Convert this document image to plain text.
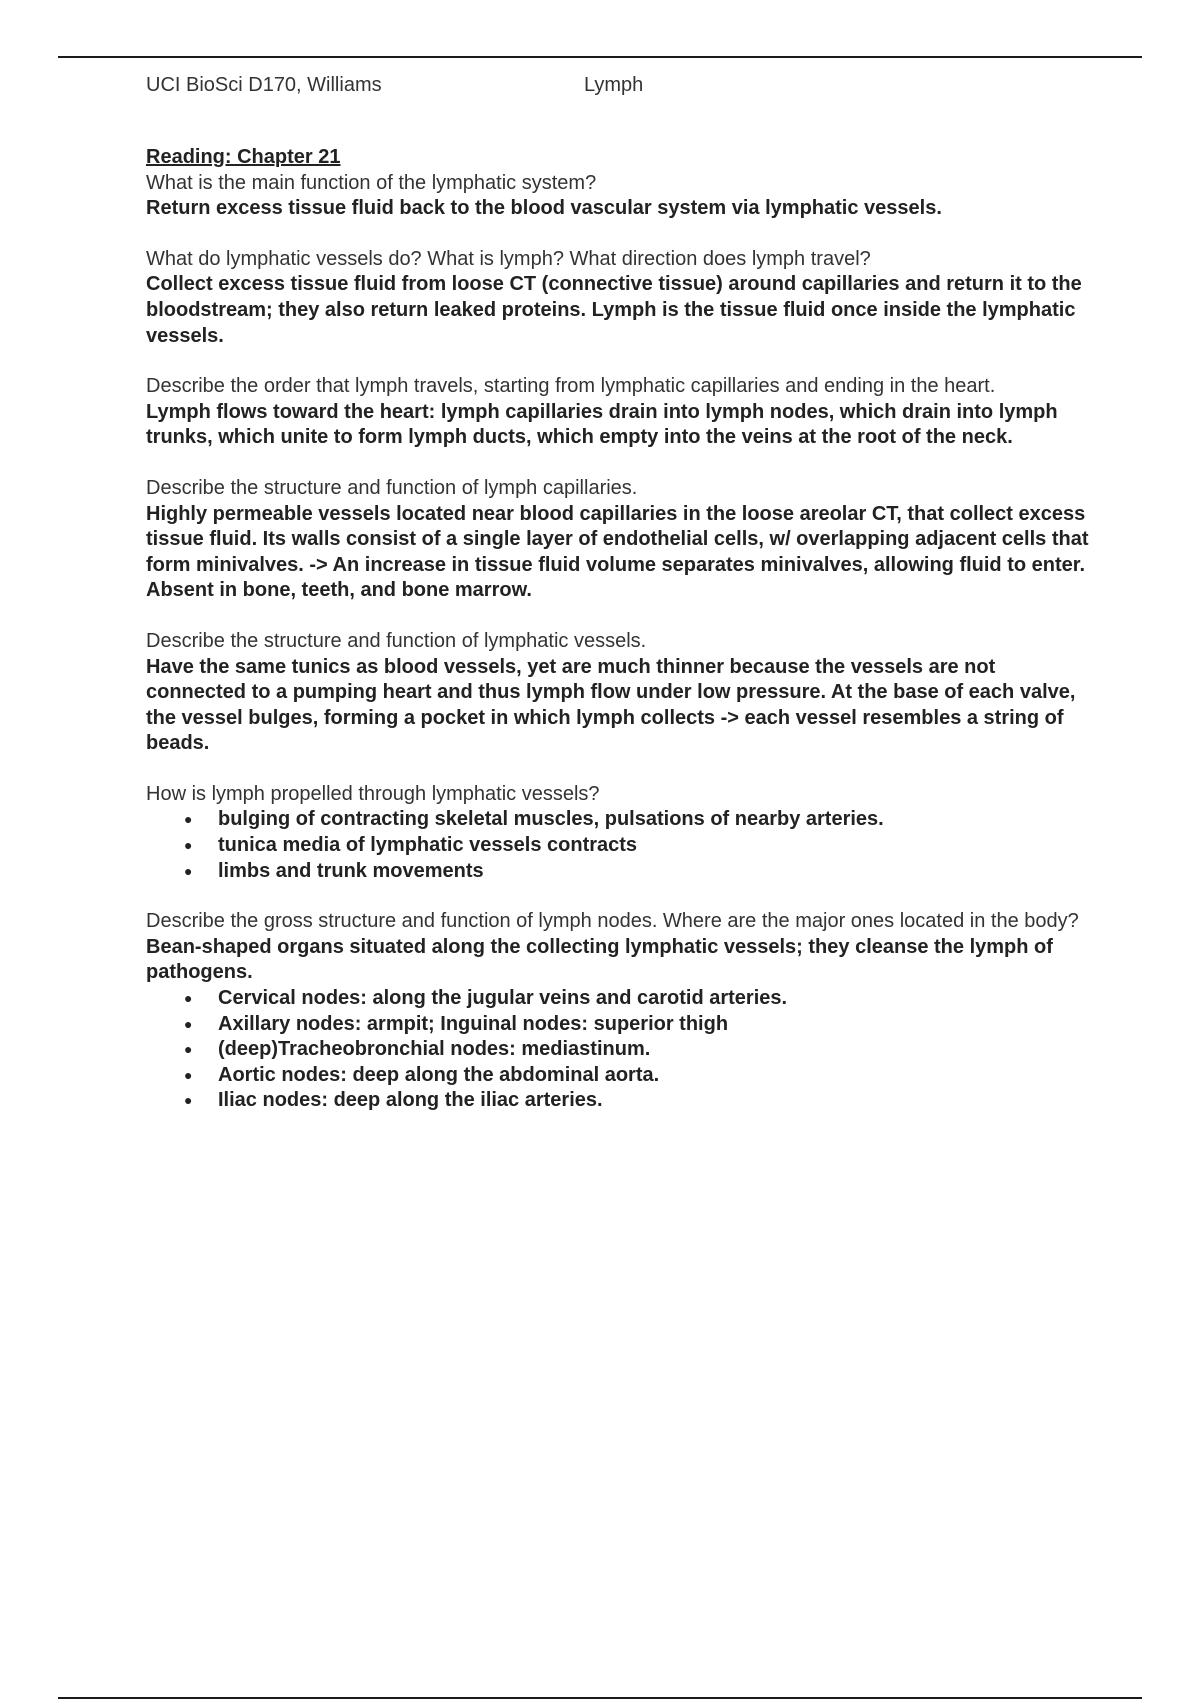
UCI BioSci D170, Williams	Lymph

Reading: Chapter 21

What is the main function of the lymphatic system?

Return excess tissue fluid back to the blood vascular system via lymphatic vessels.

What do lymphatic vessels do? What is lymph? What direction does lymph travel?

Collect excess tissue fluid from loose CT (connective tissue) around capillaries and return it to the bloodstream; they also return leaked proteins. Lymph is the tissue fluid once inside the lymphatic vessels.

Describe the order that lymph travels, starting from lymphatic capillaries and ending in the heart.

Lymph flows toward the heart: lymph capillaries drain into lymph nodes, which drain into lymph trunks, which unite to form lymph ducts, which empty into the veins at the root of the neck.

Describe the structure and function of lymph capillaries.

Highly permeable vessels located near blood capillaries in the loose areolar CT, that collect excess tissue fluid. Its walls consist of a single layer of endothelial cells, w/ overlapping adjacent cells that form minivalves. -> An increase in tissue fluid volume separates minivalves, allowing fluid to enter. Absent in bone, teeth, and bone marrow.

Describe the structure and function of lymphatic vessels.

Have the same tunics as blood vessels, yet are much thinner because the vessels are not connected to a pumping heart and thus lymph flow under low pressure. At the base of each valve, the vessel bulges, forming a pocket in which lymph collects -> each vessel resembles a string of beads.

How is lymph propelled through lymphatic vessels?

● bulging of contracting skeletal muscles, pulsations of nearby arteries.
● tunica media of lymphatic vessels contracts
● limbs and trunk movements

Describe the gross structure and function of lymph nodes. Where are the major ones located in the body?

Bean-shaped organs situated along the collecting lymphatic vessels; they cleanse the lymph of pathogens.

● Cervical nodes: along the jugular veins and carotid arteries.
● Axillary nodes: armpit; Inguinal nodes: superior thigh
● (deep)Tracheobronchial nodes: mediastinum.
● Aortic nodes: deep along the abdominal aorta.
● Iliac nodes: deep along the iliac arteries.
